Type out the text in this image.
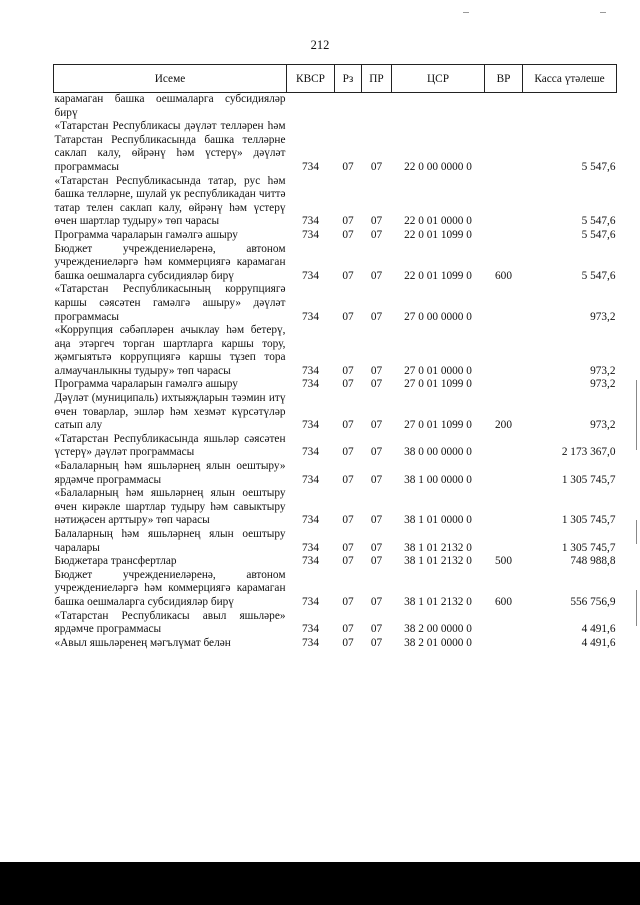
212
Исеме	КВСР	Рз	ПР	ЦСР	ВР	Касса үтәлеше
карамаган башка оешмаларга субсидияләр бирү						
«Татарстан Республикасы дәүләт телләрен һәм Татарстан Республикасында башка телләрне саклап калу, өйрәнү һәм үстерү» дәүләт программасы	734	07	07	22 0 00 0000 0		5 547,6
«Татарстан Республикасында татар, рус һәм башка телләрне, шулай ук республикадан читтә татар телен саклап калу, өйрәнү һәм үстерү өчен шартлар тудыру» төп чарасы	734	07	07	22 0 01 0000 0		5 547,6
Программа чараларын гамәлгә ашыру	734	07	07	22 0 01 1099 0		5 547,6
Бюджет учреждениеләренә, автоном учреждениеләргә һәм коммерциягә карамаган башка оешмаларга субсидияләр бирү	734	07	07	22 0 01 1099 0	600	5 547,6
«Татарстан Республикасының коррупциягә каршы сәясәтен гамәлгә ашыру» дәүләт программасы	734	07	07	27 0 00 0000 0		973,2
«Коррупция сәбәпләрен ачыклау һәм бетерү, аңа этәргеч торган шартларга каршы тору, җәмгыятьтә коррупциягә каршы тұзеп тора алмаучанлыкны тудыру» төп чарасы	734	07	07	27 0 01 0000 0		973,2
Программа чараларын гамәлгә ашыру	734	07	07	27 0 01 1099 0		973,2
Дәүләт (муниципаль) ихтыяҗларын тәэмин итү өчен товарлар, эшләр һәм хезмәт күрсәтүләр сатып алу	734	07	07	27 0 01 1099 0	200	973,2
«Татарстан Республикасында яшьләр сәясәтен үстерү» дәүләт программасы	734	07	07	38 0 00 0000 0		2 173 367,0
«Балаларның һәм яшьләрнең ялын оештыру» ярдәмче программасы	734	07	07	38 1 00 0000 0		1 305 745,7
«Балаларның һәм яшьләрнең ялын оештыру өчен кирәкле шартлар тудыру һәм савыктыру нәтиҗәсен арттыру» төп чарасы	734	07	07	38 1 01 0000 0		1 305 745,7
Балаларның һәм яшьләрнең ялын оештыру чаралары	734	07	07	38 1 01 2132 0		1 305 745,7
Бюджетара трансфертлар	734	07	07	38 1 01 2132 0	500	748 988,8
Бюджет учреждениеләренә, автоном учреждениеләргә һәм коммерциягә карамаган башка оешмаларга субсидияләр бирү	734	07	07	38 1 01 2132 0	600	556 756,9
«Татарстан Республикасы авыл яшьләре» ярдәмче программасы	734	07	07	38 2 00 0000 0		4 491,6
«Авыл яшьләренең мәгълүмат белән	734	07	07	38 2 01 0000 0		4 491,6
